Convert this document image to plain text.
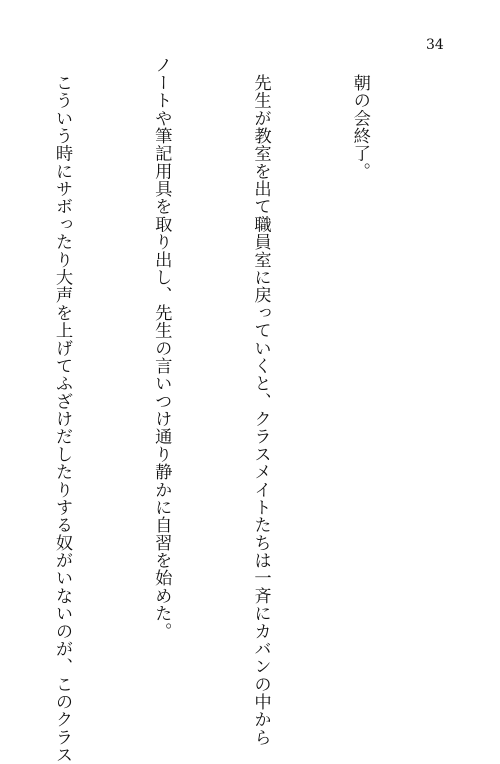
34

　朝の会終了。

　先生が教室を出て職員室に戻っていくと、クラスメイトたちは一斉にカバンの中から

ノートや筆記用具を取り出し、先生の言いつけ通り静かに自習を始めた。

　こういう時にサボったり大声を上げてふざけだしたりする奴がいないのが、このクラス
